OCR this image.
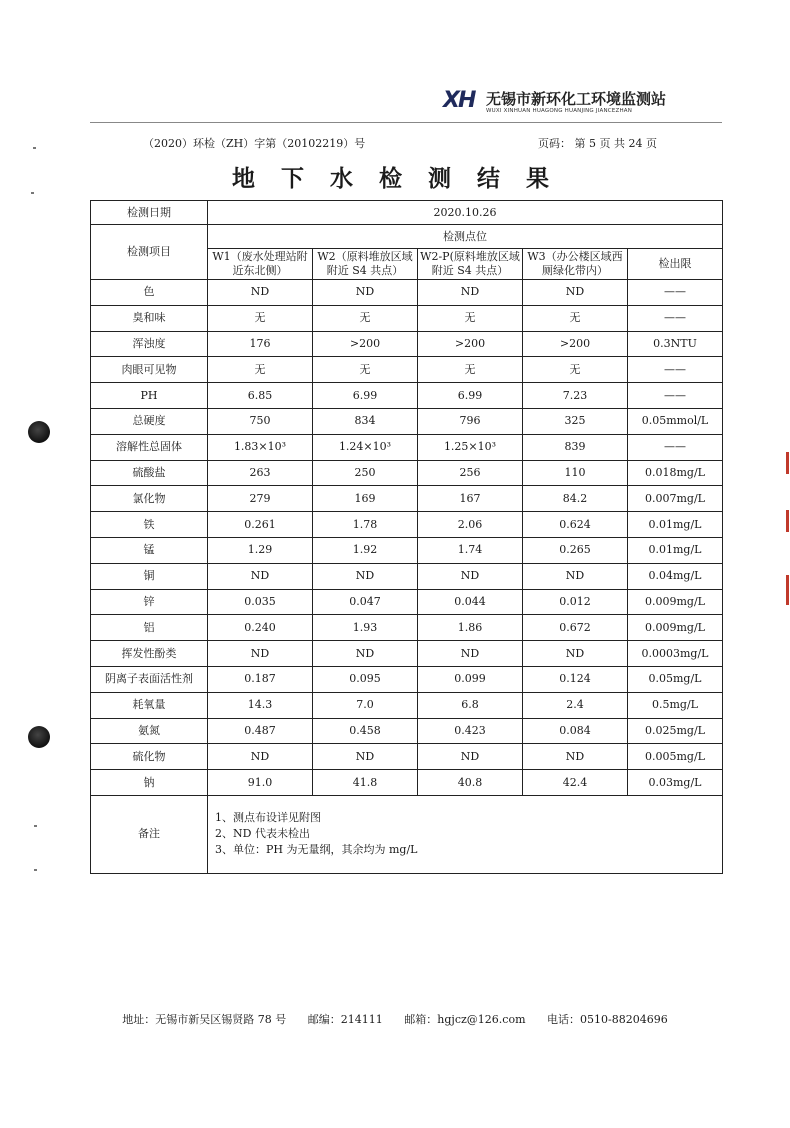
XH 无锡市新环化工环境监测站
WUXI XINHUAN HUAGONG HUANJING JIANCEZHAN
（2020）环检（ZH）字第（20102219）号	页码： 第 5 页 共 24 页
地 下 水 检 测 结 果
检测日期	2020.10.26				
检测项目	检测点位				
	W1（废水处理站附近东北侧）	W2（原料堆放区域附近 S4 共点）	W2-P(原料堆放区域附近 S4 共点）	W3（办公楼区域西厕绿化带内）	检出限
色	ND	ND	ND	ND	——
臭和味	无	无	无	无	——
浑浊度	176	>200	>200	>200	0.3NTU
肉眼可见物	无	无	无	无	——
PH	6.85	6.99	6.99	7.23	——
总硬度	750	834	796	325	0.05mmol/L
溶解性总固体	1.83×10³	1.24×10³	1.25×10³	839	——
硫酸盐	263	250	256	110	0.018mg/L
氯化物	279	169	167	84.2	0.007mg/L
铁	0.261	1.78	2.06	0.624	0.01mg/L
锰	1.29	1.92	1.74	0.265	0.01mg/L
铜	ND	ND	ND	ND	0.04mg/L
锌	0.035	0.047	0.044	0.012	0.009mg/L
铝	0.240	1.93	1.86	0.672	0.009mg/L
挥发性酚类	ND	ND	ND	ND	0.0003mg/L
阴离子表面活性剂	0.187	0.095	0.099	0.124	0.05mg/L
耗氧量	14.3	7.0	6.8	2.4	0.5mg/L
氨氮	0.487	0.458	0.423	0.084	0.025mg/L
硫化物	ND	ND	ND	ND	0.005mg/L
钠	91.0	41.8	40.8	42.4	0.03mg/L
备注	1、测点布设详见附图
2、ND 代表未检出
3、单位：PH 为无量纲，其余均为 mg/L				
地址：无锡市新吴区锡贤路 78 号 邮编：214111 邮箱：hgjcz@126.com 电话：0510-88204696
